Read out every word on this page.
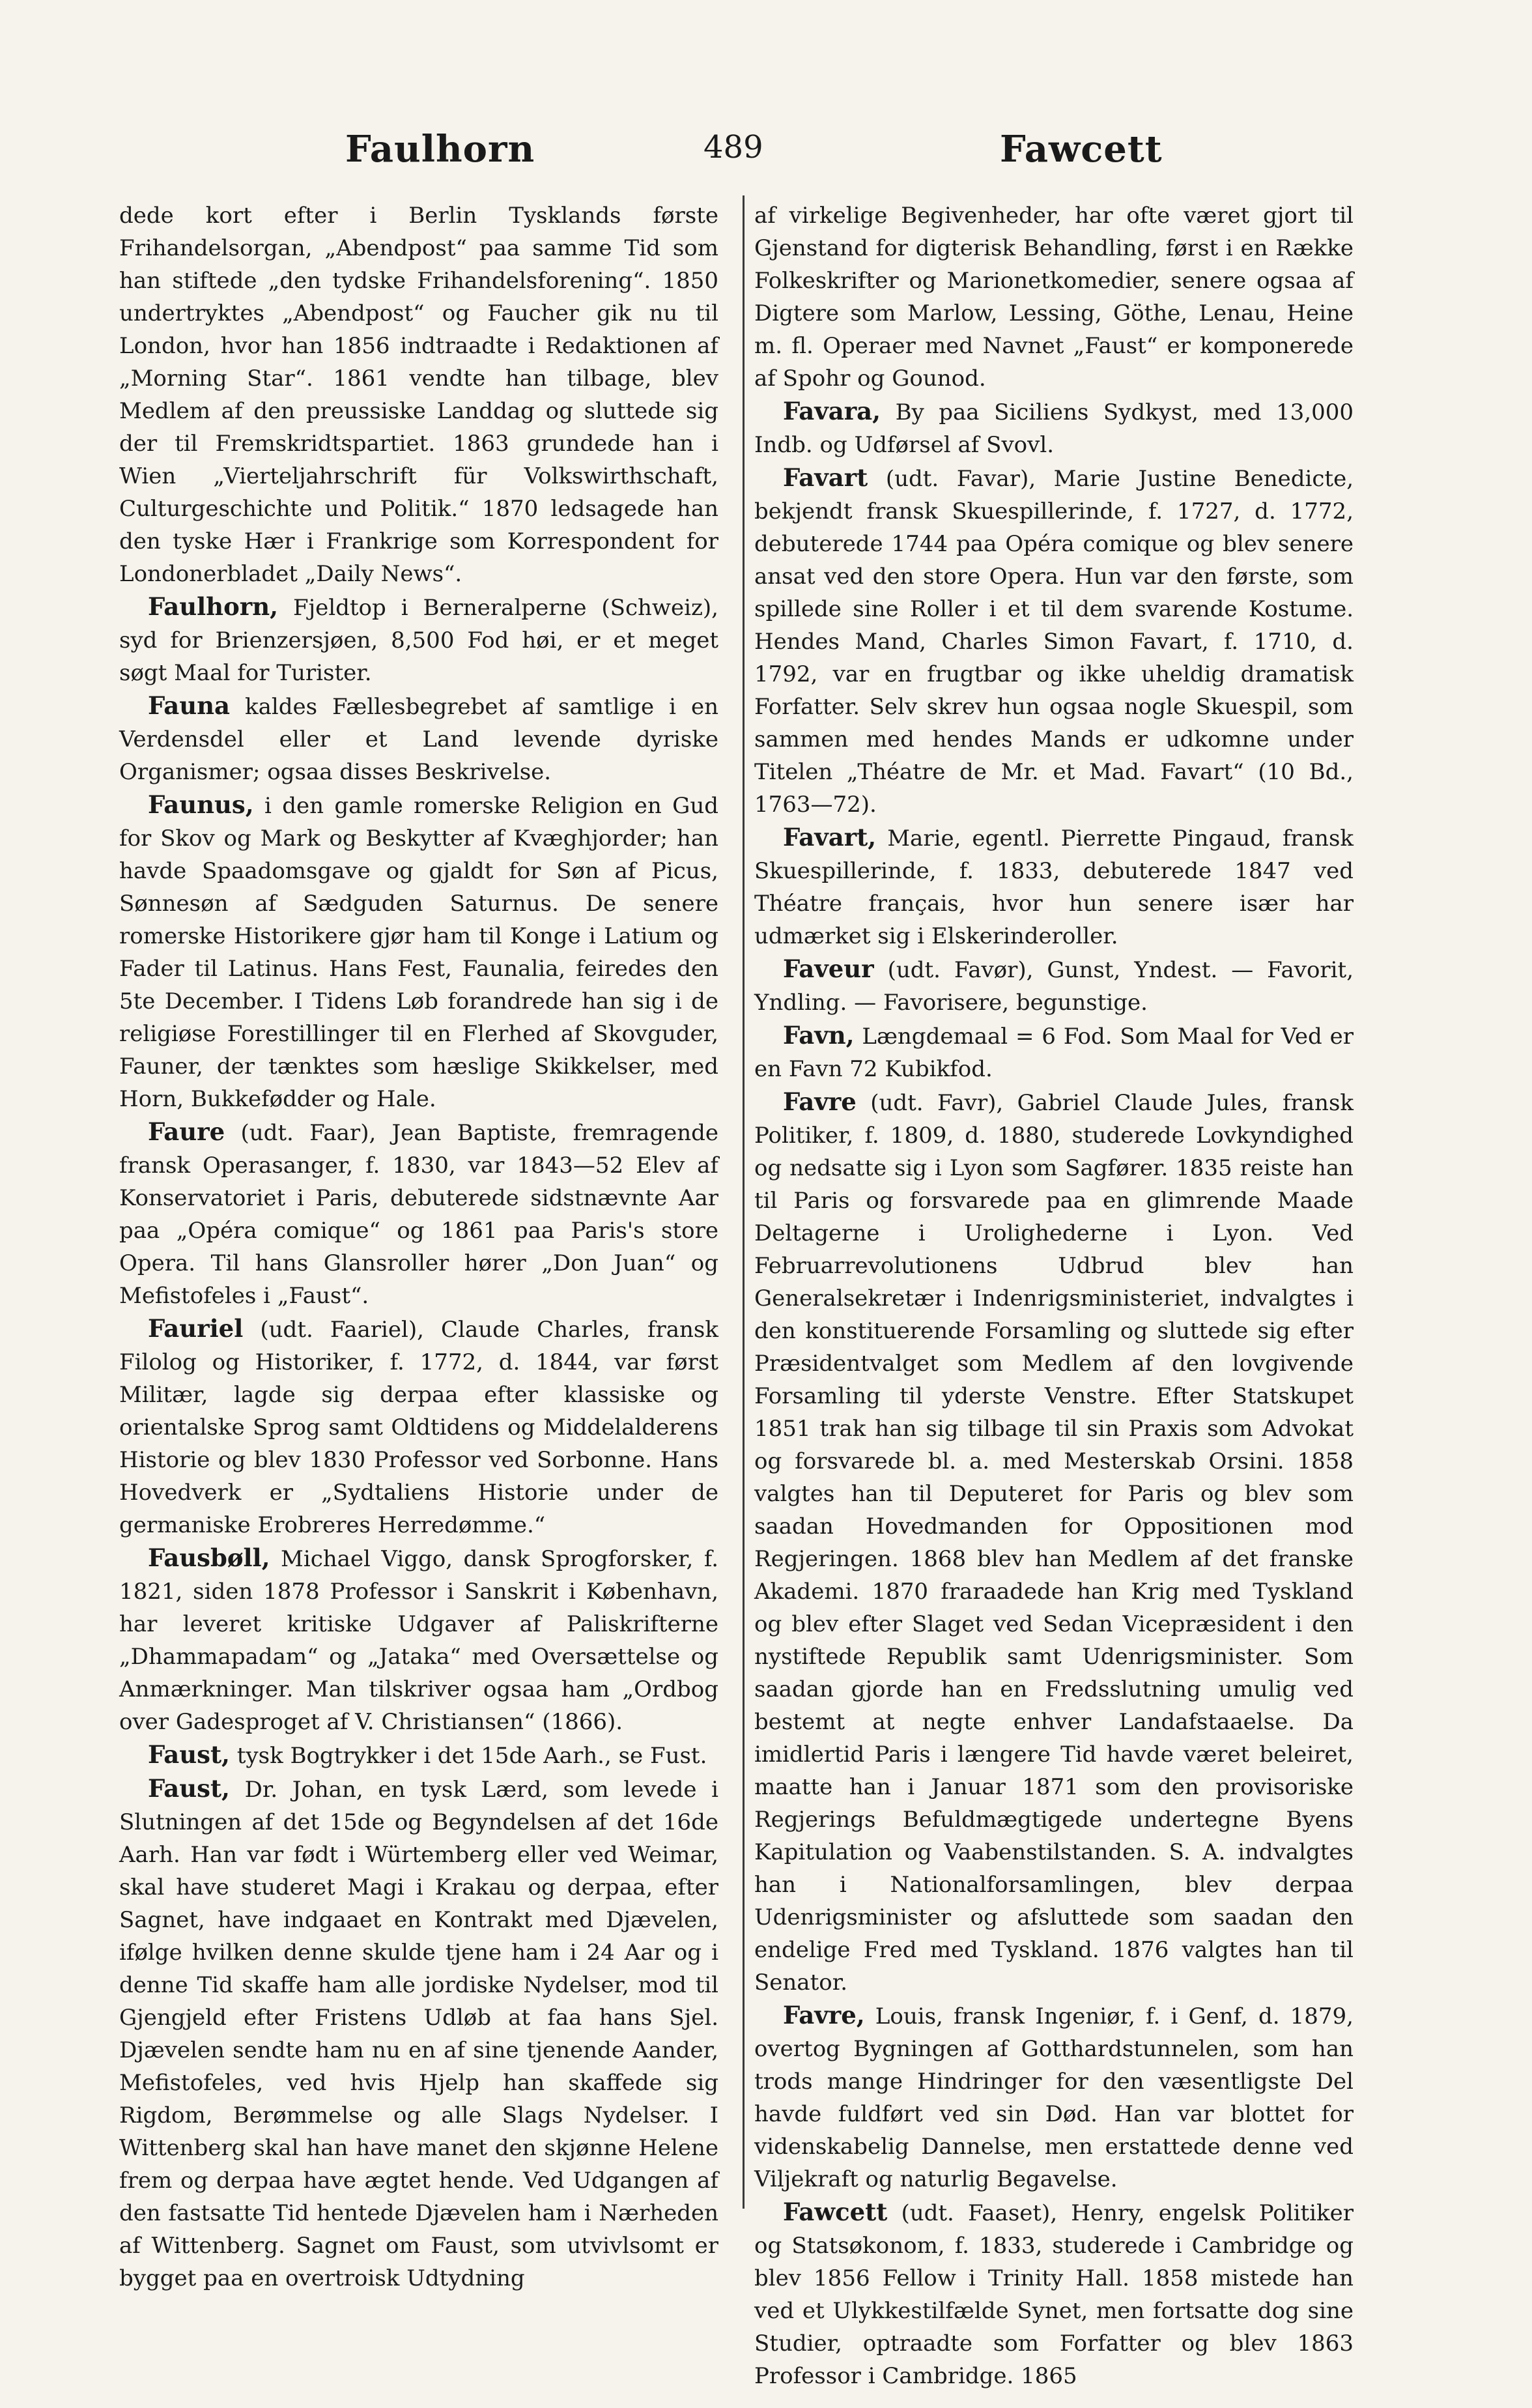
Faulhorn	489	Fawcett

dede kort efter i Berlin Tysklands første Frihandelsorgan, „Abendpost“ paa samme Tid som han stiftede „den tydske Frihandelsforening“. 1850 undertryktes „Abendpost“ og Faucher gik nu til London, hvor han 1856 indtraadte i Redaktionen af „Morning Star“. 1861 vendte han tilbage, blev Medlem af den preussiske Landdag og sluttede sig der til Fremskridtspartiet. 1863 grundede han i Wien „Vierteljahrschrift für Volkswirthschaft, Culturgeschichte und Politik.“ 1870 ledsagede han den tyske Hær i Frankrige som Korrespondent for Londonerbladet „Daily News“.

Faulhorn, Fjeldtop i Berneralperne (Schweiz), syd for Brienzersjøen, 8,500 Fod høi, er et meget søgt Maal for Turister.

Fauna kaldes Fællesbegrebet af samtlige i en Verdensdel eller et Land levende dyriske Organismer; ogsaa disses Beskrivelse.

Faunus, i den gamle romerske Religion en Gud for Skov og Mark og Beskytter af Kvæghjorder; han havde Spaadomsgave og gjaldt for Søn af Picus, Sønnesøn af Sædguden Saturnus. De senere romerske Historikere gjør ham til Konge i Latium og Fader til Latinus. Hans Fest, Faunalia, feiredes den 5te December. I Tidens Løb forandrede han sig i de religiøse Forestillinger til en Flerhed af Skovguder, Fauner, der tænktes som hæslige Skikkelser, med Horn, Bukkefødder og Hale.

Faure (udt. Faar), Jean Baptiste, fremragende fransk Operasanger, f. 1830, var 1843—52 Elev af Konservatoriet i Paris, debuterede sidstnævnte Aar paa „Opéra comique“ og 1861 paa Paris's store Opera. Til hans Glansroller hører „Don Juan“ og Mefistofeles i „Faust“.

Fauriel (udt. Faariel), Claude Charles, fransk Filolog og Historiker, f. 1772, d. 1844, var først Militær, lagde sig derpaa efter klassiske og orientalske Sprog samt Oldtidens og Middelalderens Historie og blev 1830 Professor ved Sorbonne. Hans Hovedverk er „Sydtaliens Historie under de germaniske Erobreres Herredømme.“

Fausbøll, Michael Viggo, dansk Sprogforsker, f. 1821, siden 1878 Professor i Sanskrit i København, har leveret kritiske Udgaver af Paliskrifterne „Dhammapadam“ og „Jataka“ med Oversættelse og Anmærkninger. Man tilskriver ogsaa ham „Ordbog over Gadesproget af V. Christiansen“ (1866).

Faust, tysk Bogtrykker i det 15de Aarh., se Fust.

Faust, Dr. Johan, en tysk Lærd, som levede i Slutningen af det 15de og Begyndelsen af det 16de Aarh. Han var født i Würtemberg eller ved Weimar, skal have studeret Magi i Krakau og derpaa, efter Sagnet, have indgaaet en Kontrakt med Djævelen, ifølge hvilken denne skulde tjene ham i 24 Aar og i denne Tid skaffe ham alle jordiske Nydelser, mod til Gjengjeld efter Fristens Udløb at faa hans Sjel. Djævelen sendte ham nu en af sine tjenende Aander, Mefistofeles, ved hvis Hjelp han skaffede sig Rigdom, Berømmelse og alle Slags Nydelser. I Wittenberg skal han have manet den skjønne Helene frem og derpaa have ægtet hende. Ved Udgangen af den fastsatte Tid hentede Djævelen ham i Nærheden af Wittenberg. Sagnet om Faust, som utvivlsomt er bygget paa en overtroisk Udtydning

af virkelige Begivenheder, har ofte været gjort til Gjenstand for digterisk Behandling, først i en Række Folkeskrifter og Marionetkomedier, senere ogsaa af Digtere som Marlow, Lessing, Göthe, Lenau, Heine m. fl. Operaer med Navnet „Faust“ er komponerede af Spohr og Gounod.

Favara, By paa Siciliens Sydkyst, med 13,000 Indb. og Udførsel af Svovl.

Favart (udt. Favar), Marie Justine Benedicte, bekjendt fransk Skuespillerinde, f. 1727, d. 1772, debuterede 1744 paa Opéra comique og blev senere ansat ved den store Opera. Hun var den første, som spillede sine Roller i et til dem svarende Kostume. Hendes Mand, Charles Simon Favart, f. 1710, d. 1792, var en frugtbar og ikke uheldig dramatisk Forfatter. Selv skrev hun ogsaa nogle Skuespil, som sammen med hendes Mands er udkomne under Titelen „Théatre de Mr. et Mad. Favart“ (10 Bd., 1763—72).

Favart, Marie, egentl. Pierrette Pingaud, fransk Skuespillerinde, f. 1833, debuterede 1847 ved Théatre français, hvor hun senere især har udmærket sig i Elskerinderoller.

Faveur (udt. Favør), Gunst, Yndest. — Favorit, Yndling. — Favorisere, begunstige.

Favn, Længdemaal = 6 Fod. Som Maal for Ved er en Favn 72 Kubikfod.

Favre (udt. Favr), Gabriel Claude Jules, fransk Politiker, f. 1809, d. 1880, studerede Lovkyndighed og nedsatte sig i Lyon som Sagfører. 1835 reiste han til Paris og forsvarede paa en glimrende Maade Deltagerne i Urolighederne i Lyon. Ved Februarrevolutionens Udbrud blev han Generalsekretær i Indenrigsministeriet, indvalgtes i den konstituerende Forsamling og sluttede sig efter Præsidentvalget som Medlem af den lovgivende Forsamling til yderste Venstre. Efter Statskupet 1851 trak han sig tilbage til sin Praxis som Advokat og forsvarede bl. a. med Mesterskab Orsini. 1858 valgtes han til Deputeret for Paris og blev som saadan Hovedmanden for Oppositionen mod Regjeringen. 1868 blev han Medlem af det franske Akademi. 1870 fraraadede han Krig med Tyskland og blev efter Slaget ved Sedan Vicepræsident i den nystiftede Republik samt Udenrigsminister. Som saadan gjorde han en Fredsslutning umulig ved bestemt at negte enhver Landafstaaelse. Da imidlertid Paris i længere Tid havde været beleiret, maatte han i Januar 1871 som den provisoriske Regjerings Befuldmægtigede undertegne Byens Kapitulation og Vaabenstilstanden. S. A. indvalgtes han i Nationalforsamlingen, blev derpaa Udenrigsminister og afsluttede som saadan den endelige Fred med Tyskland. 1876 valgtes han til Senator.

Favre, Louis, fransk Ingeniør, f. i Genf, d. 1879, overtog Bygningen af Gotthardstunnelen, som han trods mange Hindringer for den væsentligste Del havde fuldført ved sin Død. Han var blottet for videnskabelig Dannelse, men erstattede denne ved Viljekraft og naturlig Begavelse.

Fawcett (udt. Faaset), Henry, engelsk Politiker og Statsøkonom, f. 1833, studerede i Cambridge og blev 1856 Fellow i Trinity Hall. 1858 mistede han ved et Ulykkestilfælde Synet, men fortsatte dog sine Studier, optraadte som Forfatter og blev 1863 Professor i Cambridge. 1865
